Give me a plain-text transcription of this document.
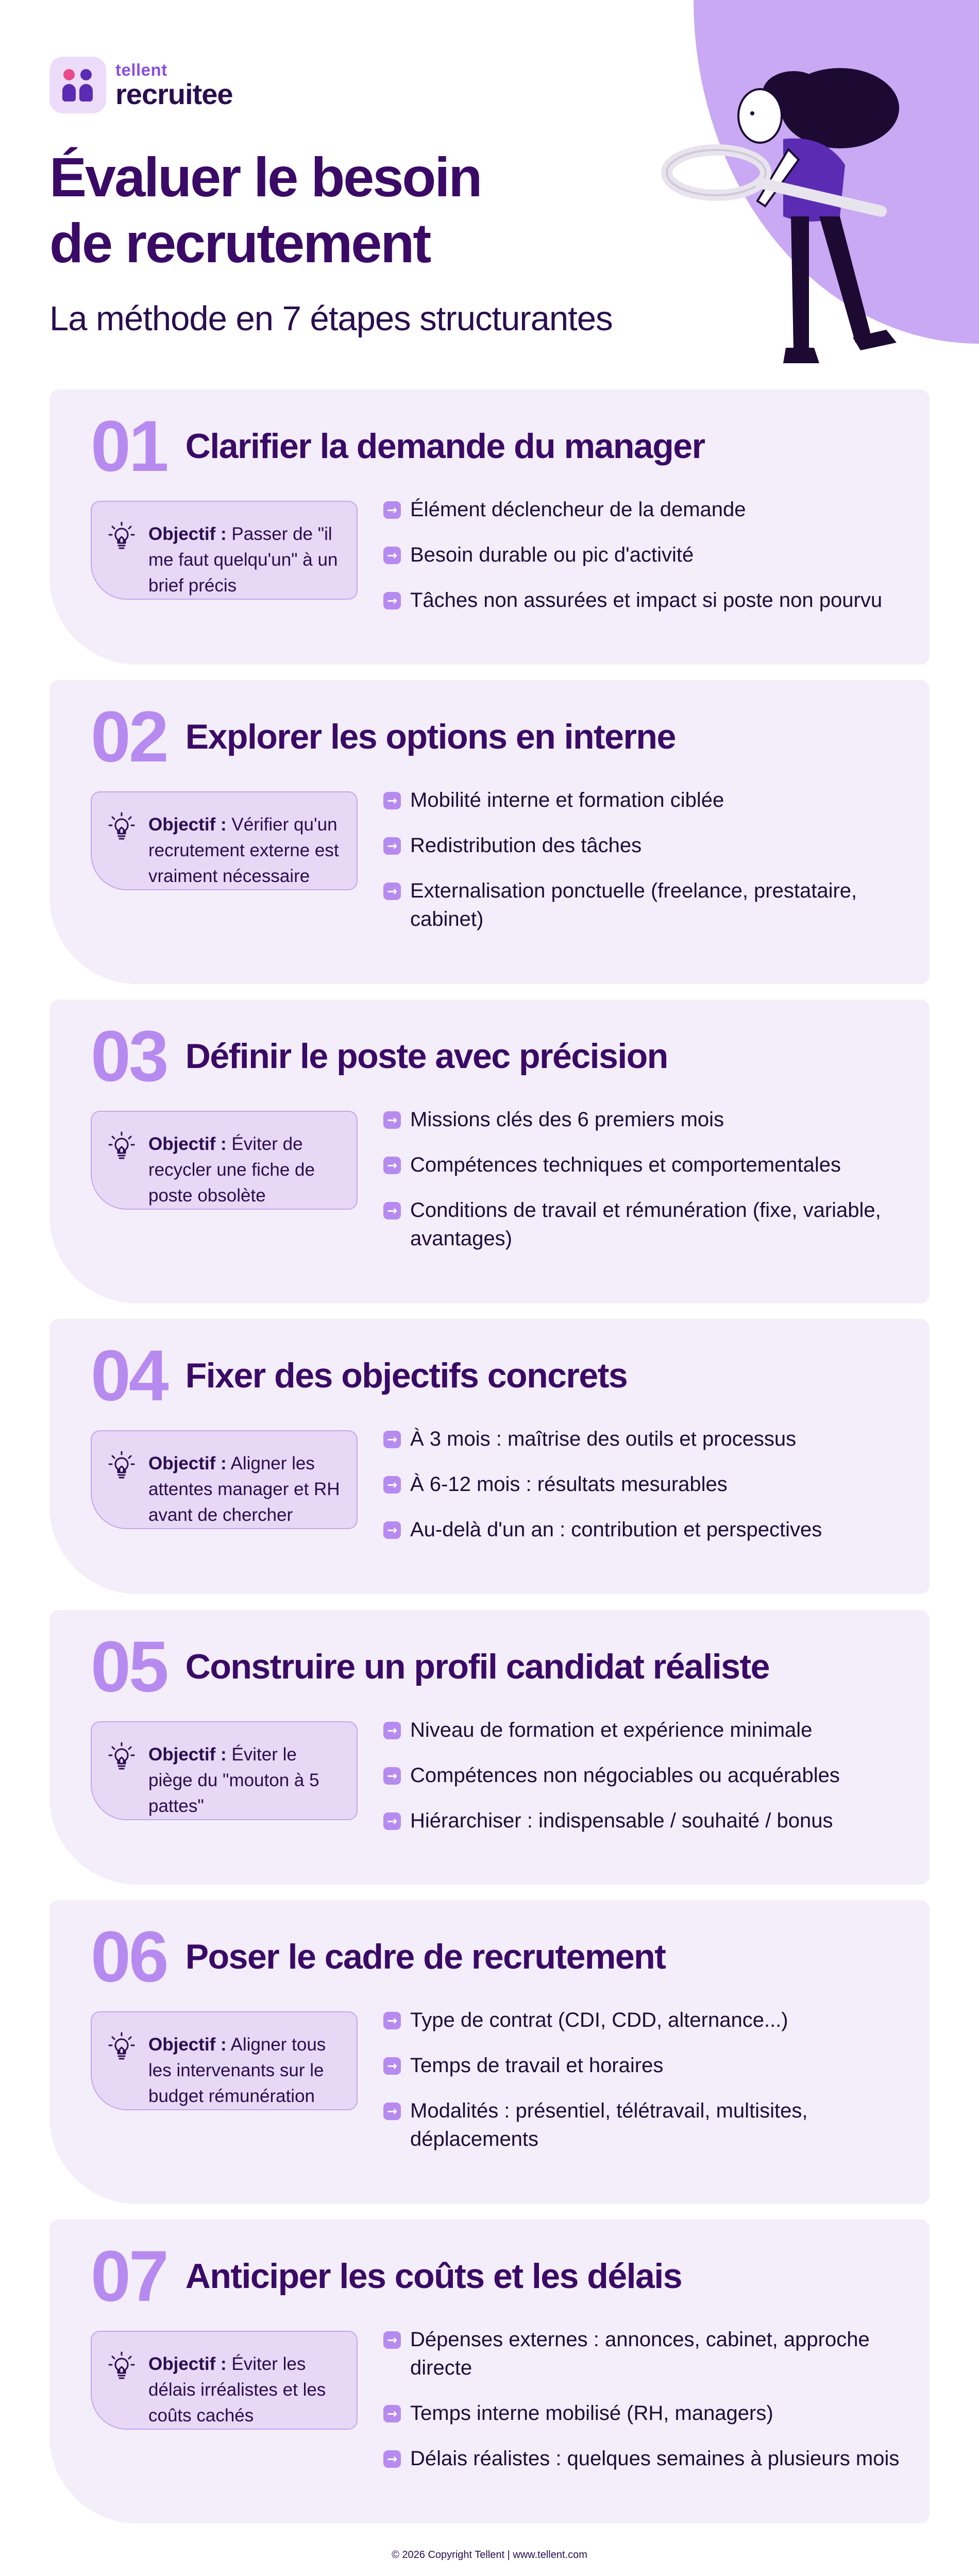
tellent
recruitee
Évaluer le besoin
de recrutement
La méthode en 7 étapes structurantes
01 Clarifier la demande du manager
Objectif : Passer de "il me faut quelqu'un" à un brief précis
→
Élément déclencheur de la demande
→
Besoin durable ou pic d'activité
→
Tâches non assurées et impact si poste non pourvu
02 Explorer les options en interne
Objectif : Vérifier qu'un recrutement externe est vraiment nécessaire
→
Mobilité interne et formation ciblée
→
Redistribution des tâches
→
Externalisation ponctuelle (freelance, prestataire, cabinet)
03 Définir le poste avec précision
Objectif : Éviter de recycler une fiche de poste obsolète
→
Missions clés des 6 premiers mois
→
Compétences techniques et comportementales
→
Conditions de travail et rémunération (fixe, variable, avantages)
04 Fixer des objectifs concrets
Objectif : Aligner les attentes manager et RH avant de chercher
→
À 3 mois : maîtrise des outils et processus
→
À 6-12 mois : résultats mesurables
→
Au-delà d'un an : contribution et perspectives
05 Construire un profil candidat réaliste
Objectif : Éviter le piège du "mouton à 5 pattes"
→
Niveau de formation et expérience minimale
→
Compétences non négociables ou acquérables
→
Hiérarchiser : indispensable / souhaité / bonus
06 Poser le cadre de recrutement
Objectif : Aligner tous les intervenants sur le budget rémunération
→
Type de contrat (CDI, CDD, alternance...)
→
Temps de travail et horaires
→
Modalités : présentiel, télétravail, multisites, déplacements
07 Anticiper les coûts et les délais
Objectif : Éviter les délais irréalistes et les coûts cachés
→
Dépenses externes : annonces, cabinet, approche directe
→
Temps interne mobilisé (RH, managers)
→
Délais réalistes : quelques semaines à plusieurs mois
© 2026 Copyright Tellent | www.tellent.com
